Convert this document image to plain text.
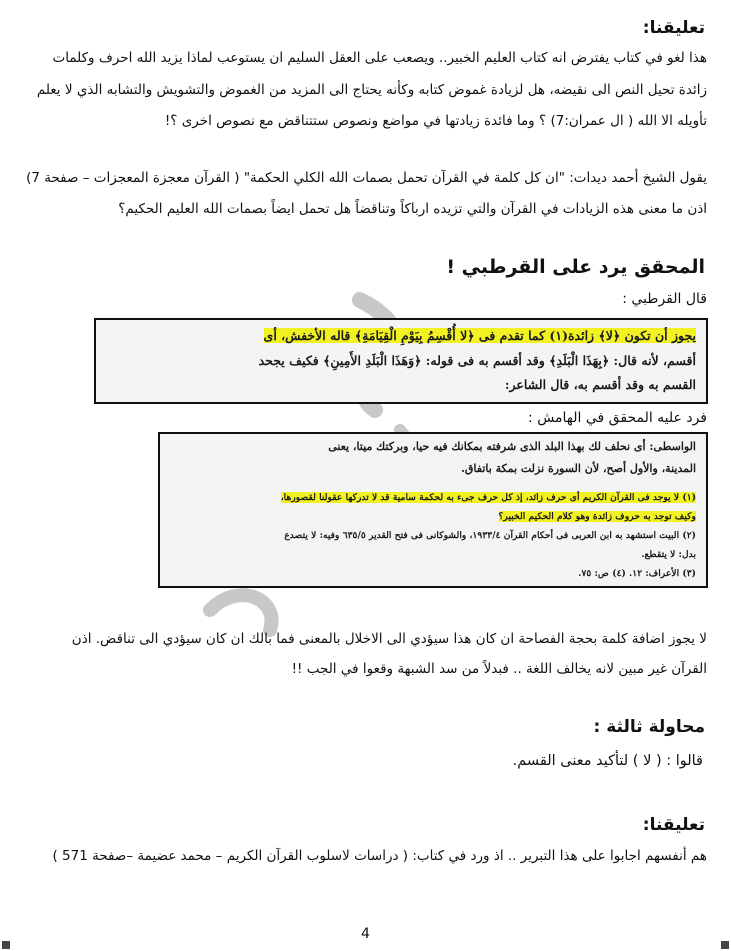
تعليقنا:
هذا لغو في كتاب يفترض انه كتاب العليم الخبير.. ويصعب على العقل السليم ان يستوعب لماذا يزيد الله احرف وكلمات
زائدة تحيل النص الى نقيضه، هل لزيادة غموض كتابه وكأنه يحتاج الى المزيد من الغموض والتشويش والتشابه الذي لا يعلم
تأويله الا الله ( ال عمران:7) ؟ وما فائدة زيادتها في مواضع ونصوص ستتناقض مع نصوص اخرى ؟!
يقول الشيخ أحمد ديدات: "ان كل كلمة في القرآن تحمل بصمات الله الكلي الحكمة" ( القرآن معجزة المعجزات – صفحة 7)
اذن ما معنى هذه الزيادات في القرآن والتي تزيده ارباكاً وتناقضاً هل تحمل ايضاً بصمات الله العليم الحكيم؟
المحقق يرد على القرطبي !
قال القرطبي :
يجوز أن تكون ﴿لا﴾ زائدة(١) كما تقدم فى ﴿لا أُقْسِمُ بِيَوْمِ الْقِيَامَةِ﴾ قاله الأخفش، أى
أقسم، لأنه قال: ﴿بِهَذَا الْبَلَدِ﴾ وقد أقسم به فى قوله: ﴿وَهَذَا الْبَلَدِ الأَمِينِ﴾ فكيف يجحد
القسم به وقد أقسم به، قال الشاعر:
فرد عليه المحقق في الهامش :
الواسطى: أى نحلف لك بهذا البلد الذى شرفته بمكانك فيه حيا، وبركتك ميتا، يعنى
المدينة، والأول أصح، لأن السورة نزلت بمكة باتفاق.
(١) لا يوجد فى القرآن الكريم أى حرف زائد، إذ كل حرف جىء به لحكمة سامية قد لا تدركها عقولنا لقصورها،
وكيف توجد به حروف زائدة وهو كلام الحكيم الخبير؟
(٢) البيت استشهد به ابن العربى فى أحكام القرآن ١٩٣٣/٤، والشوكانى فى فتح القدير ٦٣٥/٥ وفيه: لا يتصدع
بدل: لا يتقطع.
(٣) الأعراف: ١٢. (٤) ص: ٧٥.
لا يجوز اضافة كلمة بحجة الفصاحة ان كان هذا سيؤدي الى الاخلال بالمعنى فما بالك ان كان سيؤدي الى تناقض. اذن
القرآن غير مبين لانه يخالف اللغة .. فبدلاً من سد الشبهة وقعوا في الجب !!
محاولة ثالثة :
قالوا : ( لا ) لتأكيد معنى القسم.
تعليقنا:
هم أنفسهم اجابوا على هذا التبرير .. اذ ورد في كتاب: ( دراسات لاسلوب القرآن الكريم – محمد عضيمة –صفحة 571 )
4
